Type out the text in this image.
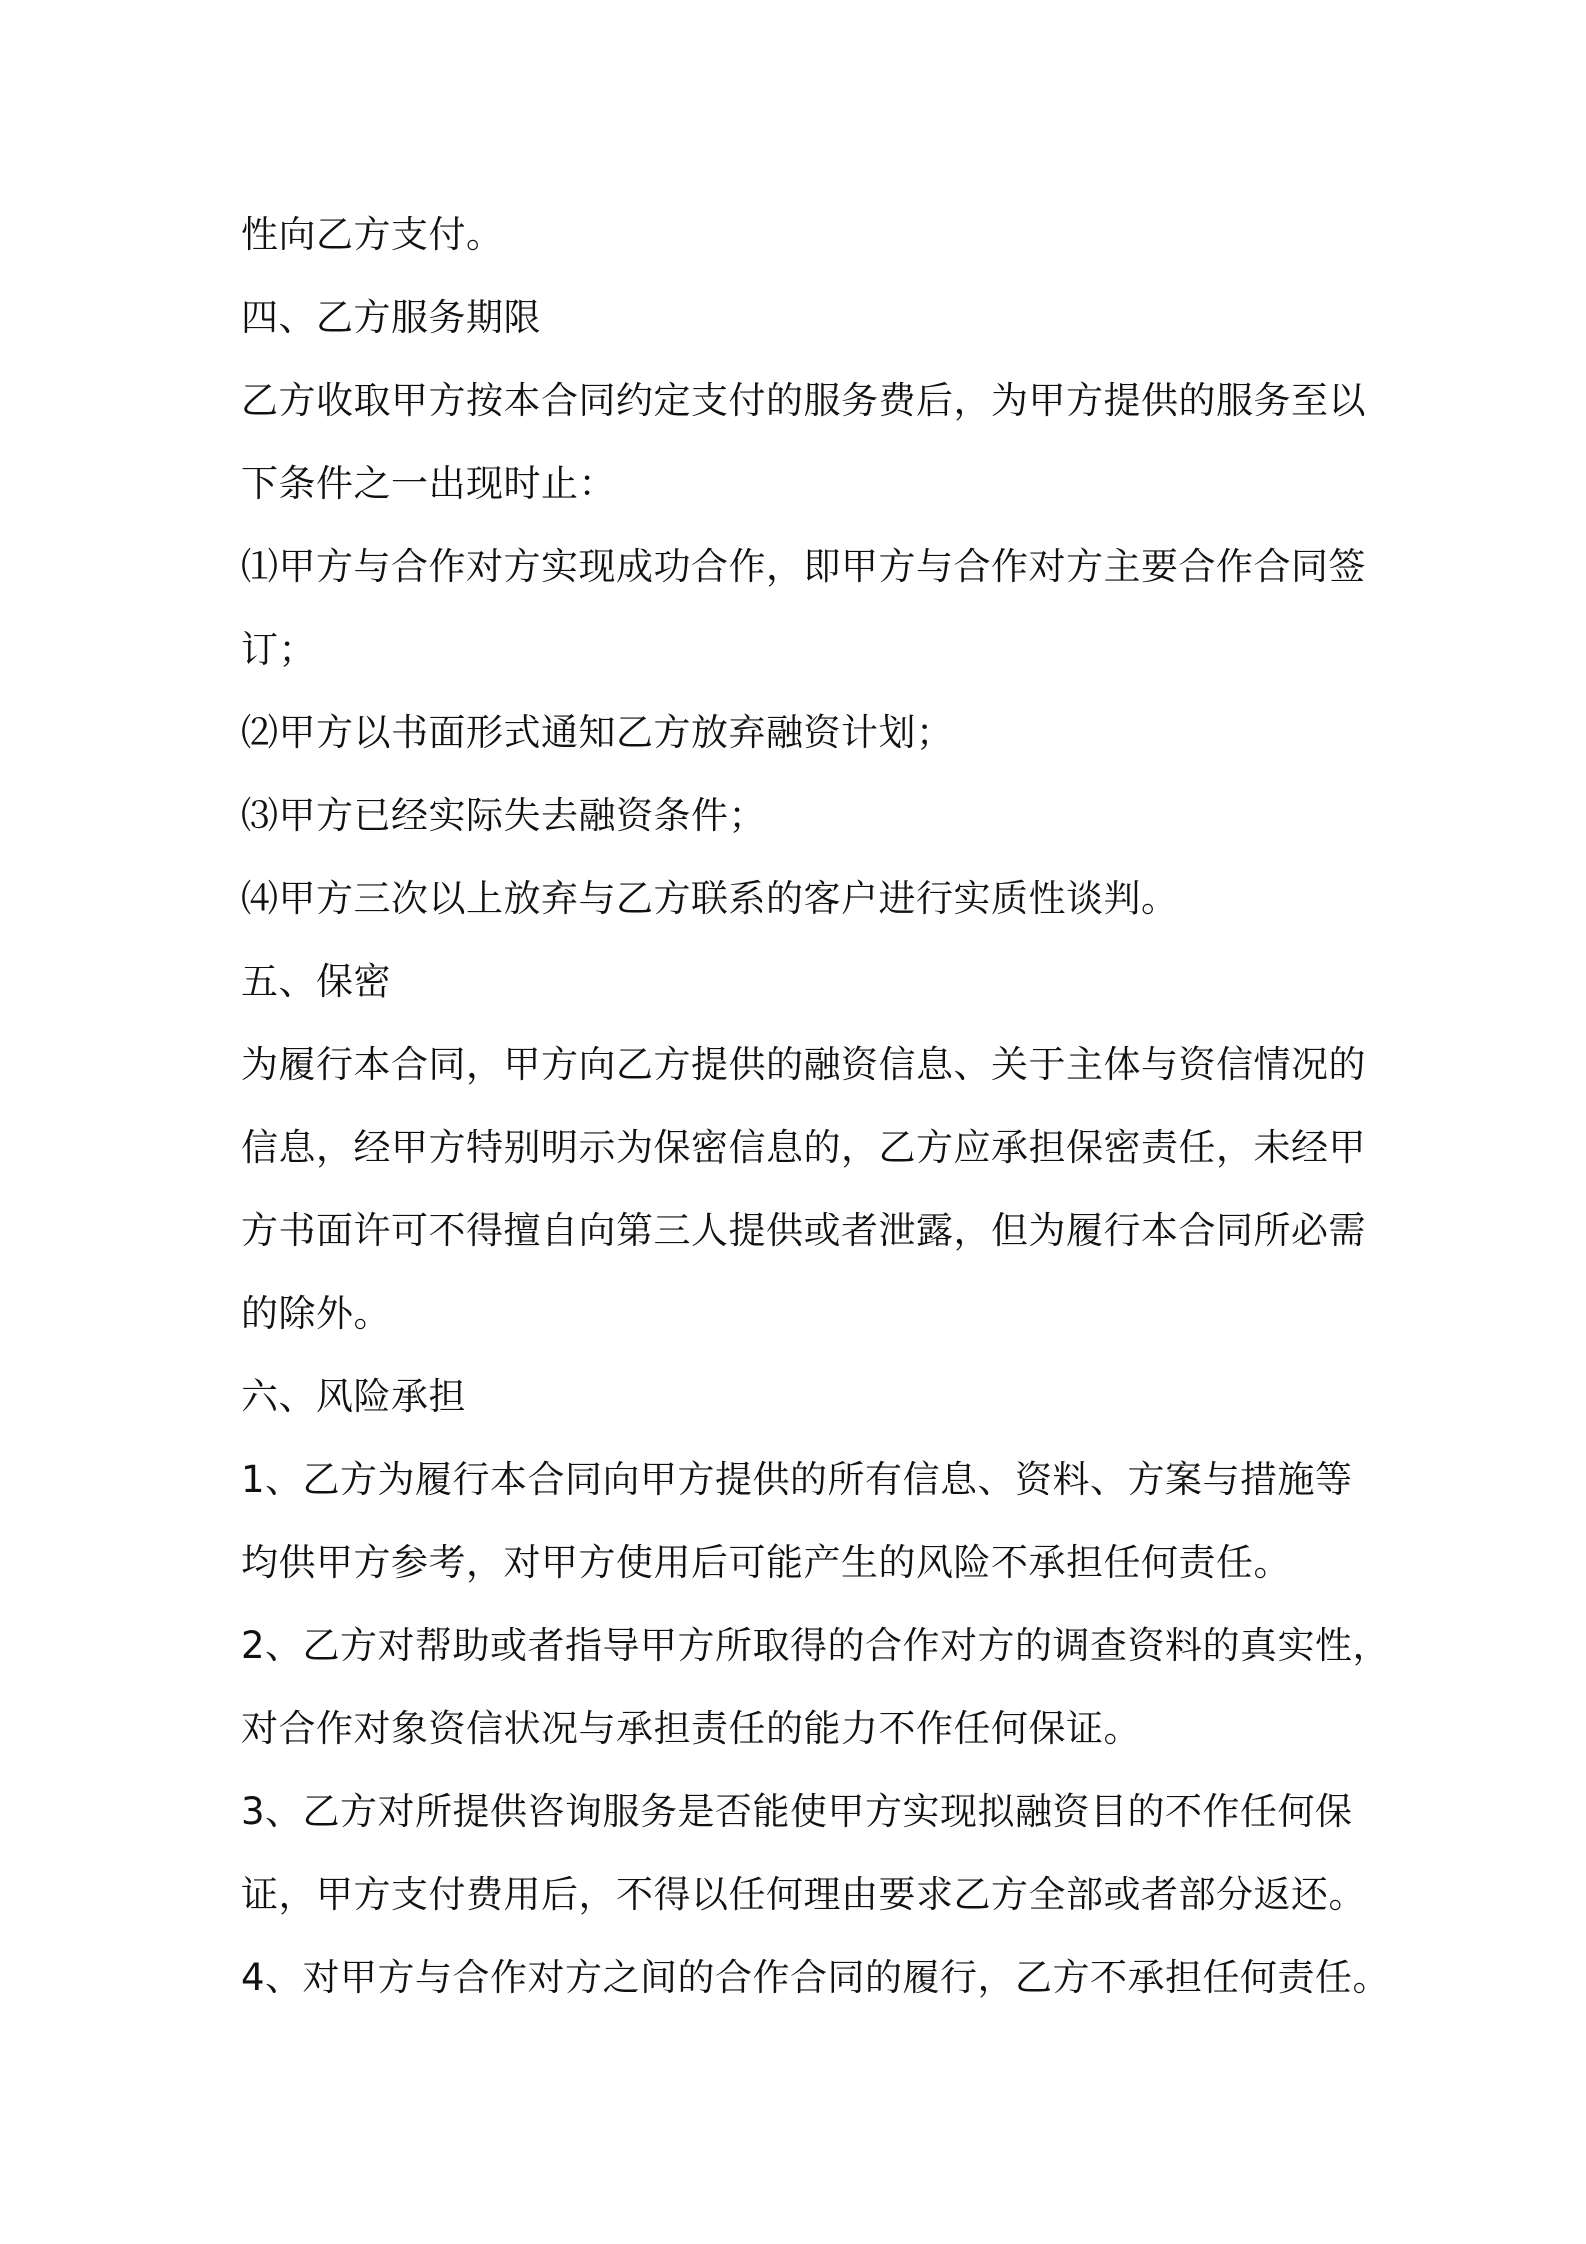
性向乙方支付。
四、乙方服务期限
乙方收取甲方按本合同约定支付的服务费后，为甲方提供的服务至以
下条件之一出现时止：
⑴甲方与合作对方实现成功合作，即甲方与合作对方主要合作合同签
订；
⑵甲方以书面形式通知乙方放弃融资计划；
⑶甲方已经实际失去融资条件；
⑷甲方三次以上放弃与乙方联系的客户进行实质性谈判。
五、保密
为履行本合同，甲方向乙方提供的融资信息、关于主体与资信情况的
信息，经甲方特别明示为保密信息的，乙方应承担保密责任，未经甲
方书面许可不得擅自向第三人提供或者泄露，但为履行本合同所必需
的除外。
六、风险承担
1、乙方为履行本合同向甲方提供的所有信息、资料、方案与措施等
均供甲方参考，对甲方使用后可能产生的风险不承担任何责任。
2、乙方对帮助或者指导甲方所取得的合作对方的调查资料的真实性，
对合作对象资信状况与承担责任的能力不作任何保证。
3、乙方对所提供咨询服务是否能使甲方实现拟融资目的不作任何保
证，甲方支付费用后，不得以任何理由要求乙方全部或者部分返还。
4、对甲方与合作对方之间的合作合同的履行，乙方不承担任何责任。
